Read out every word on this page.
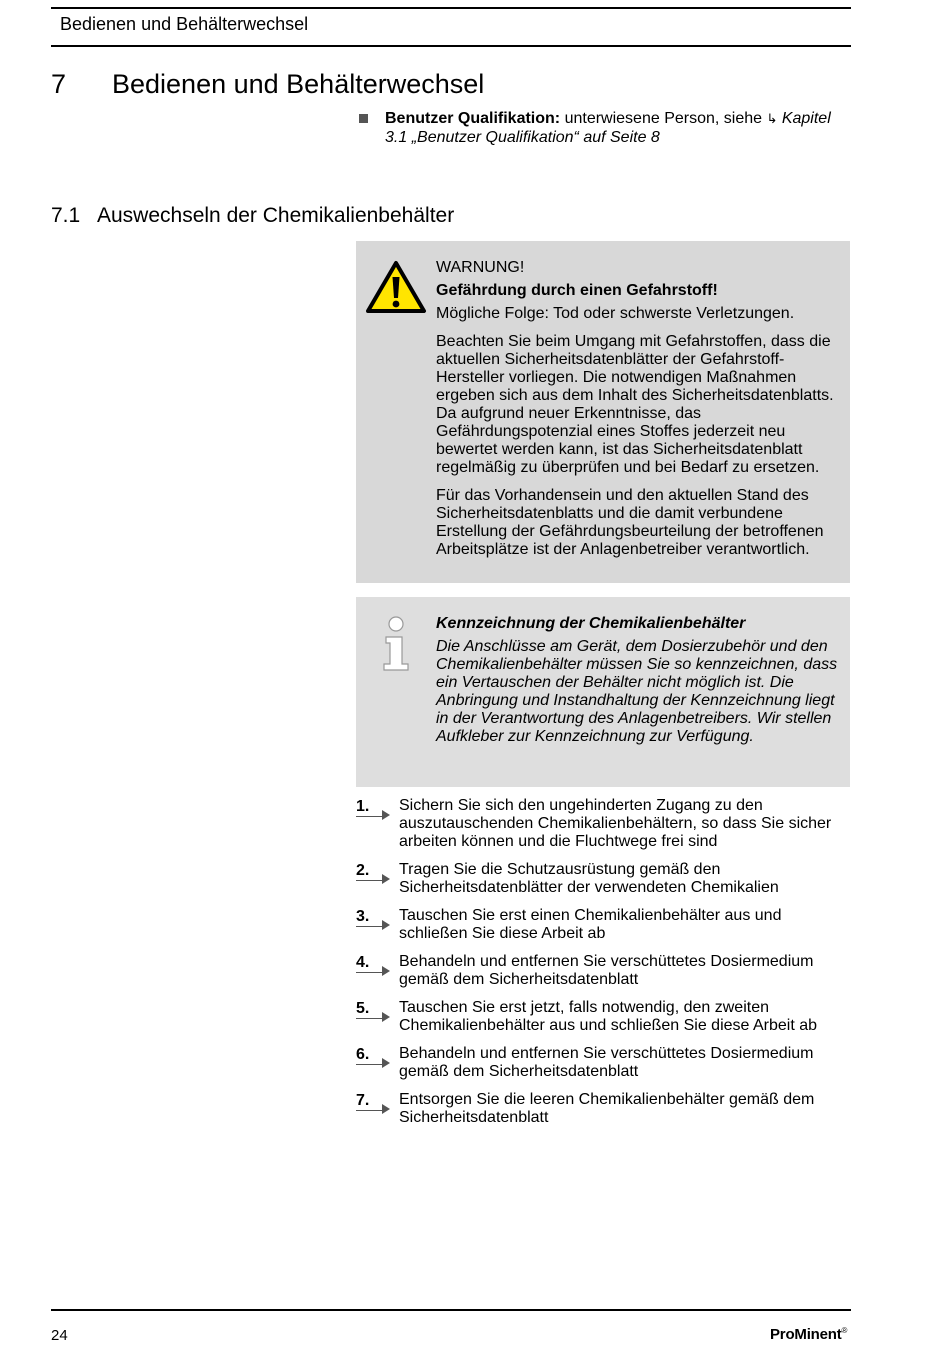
Bedienen und Behälterwechsel
7 Bedienen und Behälterwechsel
Benutzer Qualifikation: unterwiesene Person, siehe ↳ Kapitel 3.1 „Benutzer Qualifikation“ auf Seite 8
7.1 Auswechseln der Chemikalienbehälter

WARNUNG!

Gefährdung durch einen Gefahrstoff!

Mögliche Folge: Tod oder schwerste Verletzungen.

Beachten Sie beim Umgang mit Gefahrstoffen, dass die aktuellen Sicherheitsdatenblätter der Gefahrstoff-Hersteller vorliegen. Die notwendigen Maßnahmen ergeben sich aus dem Inhalt des Sicherheitsdatenblatts. Da aufgrund neuer Erkenntnisse, das Gefährdungspotenzial eines Stoffes jederzeit neu bewertet werden kann, ist das Sicherheitsdatenblatt regelmäßig zu überprüfen und bei Bedarf zu ersetzen.

Für das Vorhandensein und den aktuellen Stand des Sicherheitsdatenblatts und die damit verbundene Erstellung der Gefährdungsbeurteilung der betroffenen Arbeitsplätze ist der Anlagenbetreiber verantwortlich.

Kennzeichnung der Chemikalienbehälter

Die Anschlüsse am Gerät, dem Dosierzubehör und den Chemikalienbehälter müssen Sie so kennzeichnen, dass ein Vertauschen der Behälter nicht möglich ist. Die Anbringung und Instandhaltung der Kennzeichnung liegt in der Verantwortung des Anlagenbetreibers. Wir stellen Aufkleber zur Kennzeichnung zur Verfügung.

1. Sichern Sie sich den ungehinderten Zugang zu den auszutauschenden Chemikalienbehältern, so dass Sie sicher arbeiten können und die Fluchtwege frei sind
2. Tragen Sie die Schutzausrüstung gemäß den Sicherheitsdatenblätter der verwendeten Chemikalien
3. Tauschen Sie erst einen Chemikalienbehälter aus und schließen Sie diese Arbeit ab
4. Behandeln und entfernen Sie verschüttetes Dosiermedium gemäß dem Sicherheitsdatenblatt
5. Tauschen Sie erst jetzt, falls notwendig, den zweiten Chemikalienbehälter aus und schließen Sie diese Arbeit ab
6. Behandeln und entfernen Sie verschüttetes Dosiermedium gemäß dem Sicherheitsdatenblatt
7. Entsorgen Sie die leeren Chemikalienbehälter gemäß dem Sicherheitsdatenblatt
24	ProMinent®
